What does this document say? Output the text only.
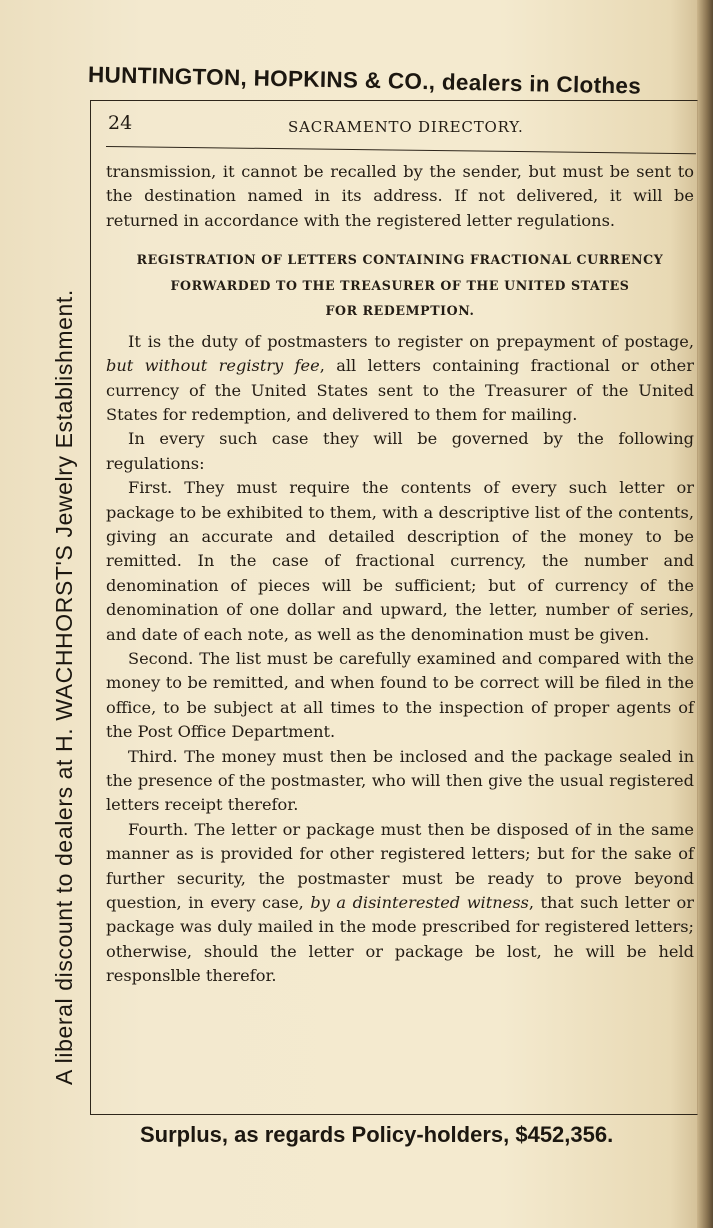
HUNTINGTON, HOPKINS & CO., dealers in Clothes
A liberal discount to dealers at H. WACHHORST'S Jewelry Establishment.
24	SACRAMENTO DIRECTORY.

transmission, it cannot be recalled by the sender, but must be sent to the destination named in its address. If not delivered, it will be returned in accordance with the registered letter regulations.

REGISTRATION OF LETTERS CONTAINING FRACTIONAL CURRENCY
FORWARDED TO THE TREASURER OF THE UNITED STATES
FOR REDEMPTION.

It is the duty of postmasters to register on prepayment of postage, but without registry fee, all letters containing fractional or other currency of the United States sent to the Treasurer of the United States for redemption, and delivered to them for mailing.

In every such case they will be governed by the following regulations:

First. They must require the contents of every such letter or package to be exhibited to them, with a descriptive list of the contents, giving an accurate and detailed description of the money to be remitted. In the case of fractional currency, the number and denomination of pieces will be sufficient; but of currency of the denomination of one dollar and upward, the letter, number of series, and date of each note, as well as the denomination must be given.

Second. The list must be carefully examined and compared with the money to be remitted, and when found to be correct will be filed in the office, to be subject at all times to the inspection of proper agents of the Post Office Department.

Third. The money must then be inclosed and the package sealed in the presence of the postmaster, who will then give the usual registered letters receipt therefor.

Fourth. The letter or package must then be disposed of in the same manner as is provided for other registered letters; but for the sake of further security, the postmaster must be ready to prove beyond question, in every case, by a disinterested witness, that such letter or package was duly mailed in the mode prescribed for registered letters; otherwise, should the letter or package be lost, he will be held responslble therefor.

Surplus, as regards Policy-holders, $452,356.
